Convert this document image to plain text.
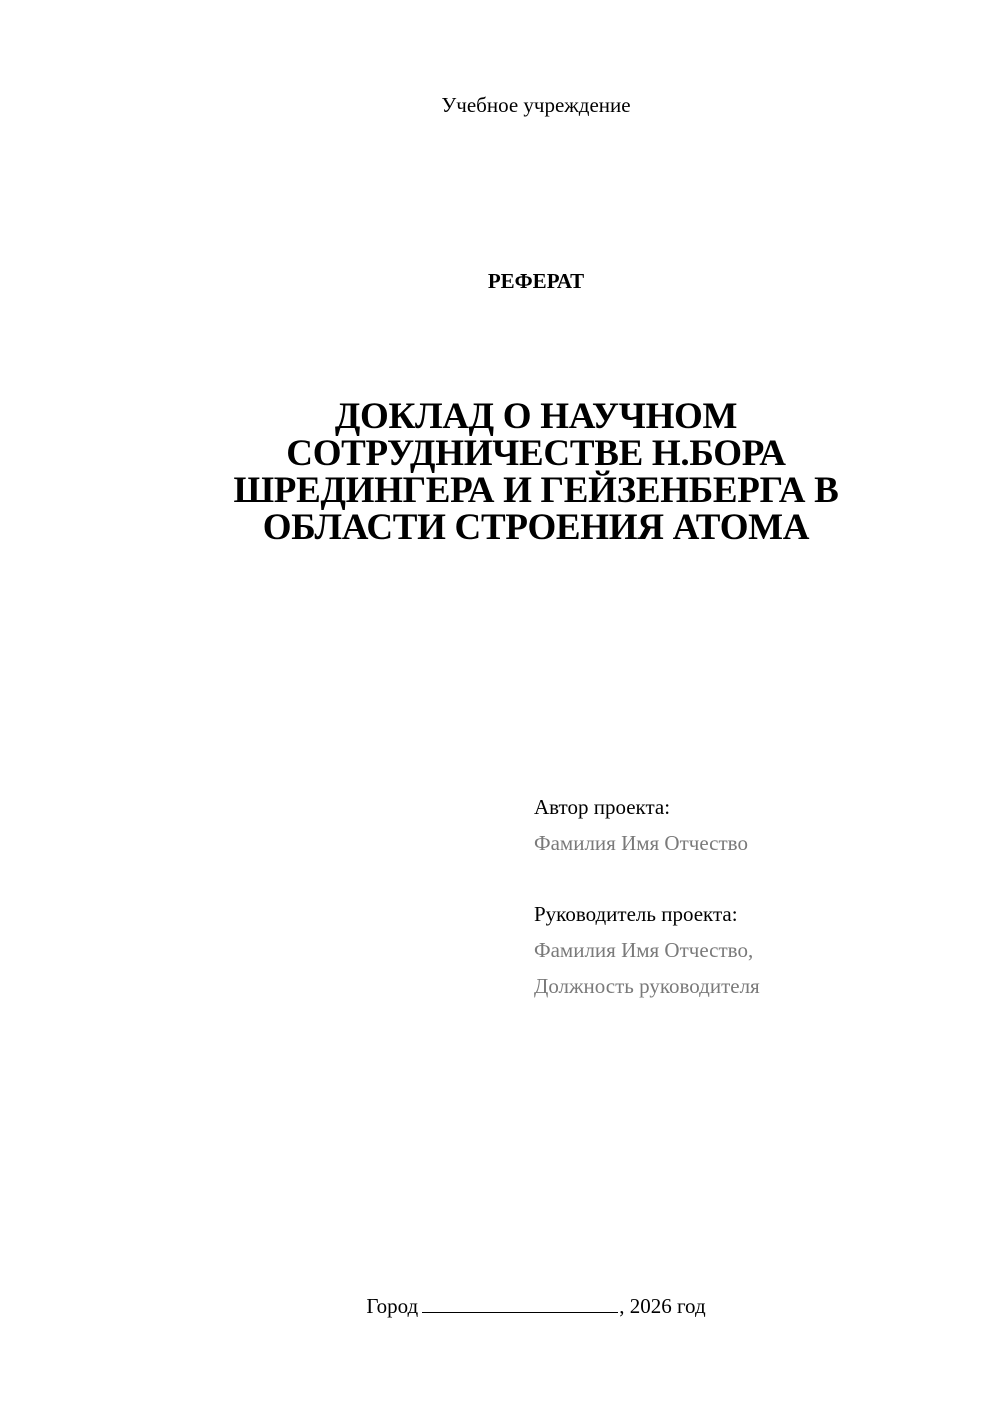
Учебное учреждение
РЕФЕРАТ
ДОКЛАД О НАУЧНОМ
СОТРУДНИЧЕСТВЕ Н.БОРА
ШРЕДИНГЕРА И ГЕЙЗЕНБЕРГА В
ОБЛАСТИ СТРОЕНИЯ АТОМА
Автор проекта:
Фамилия Имя Отчество
Руководитель проекта:
Фамилия Имя Отчество,
Должность руководителя
Город	, 2026 год
